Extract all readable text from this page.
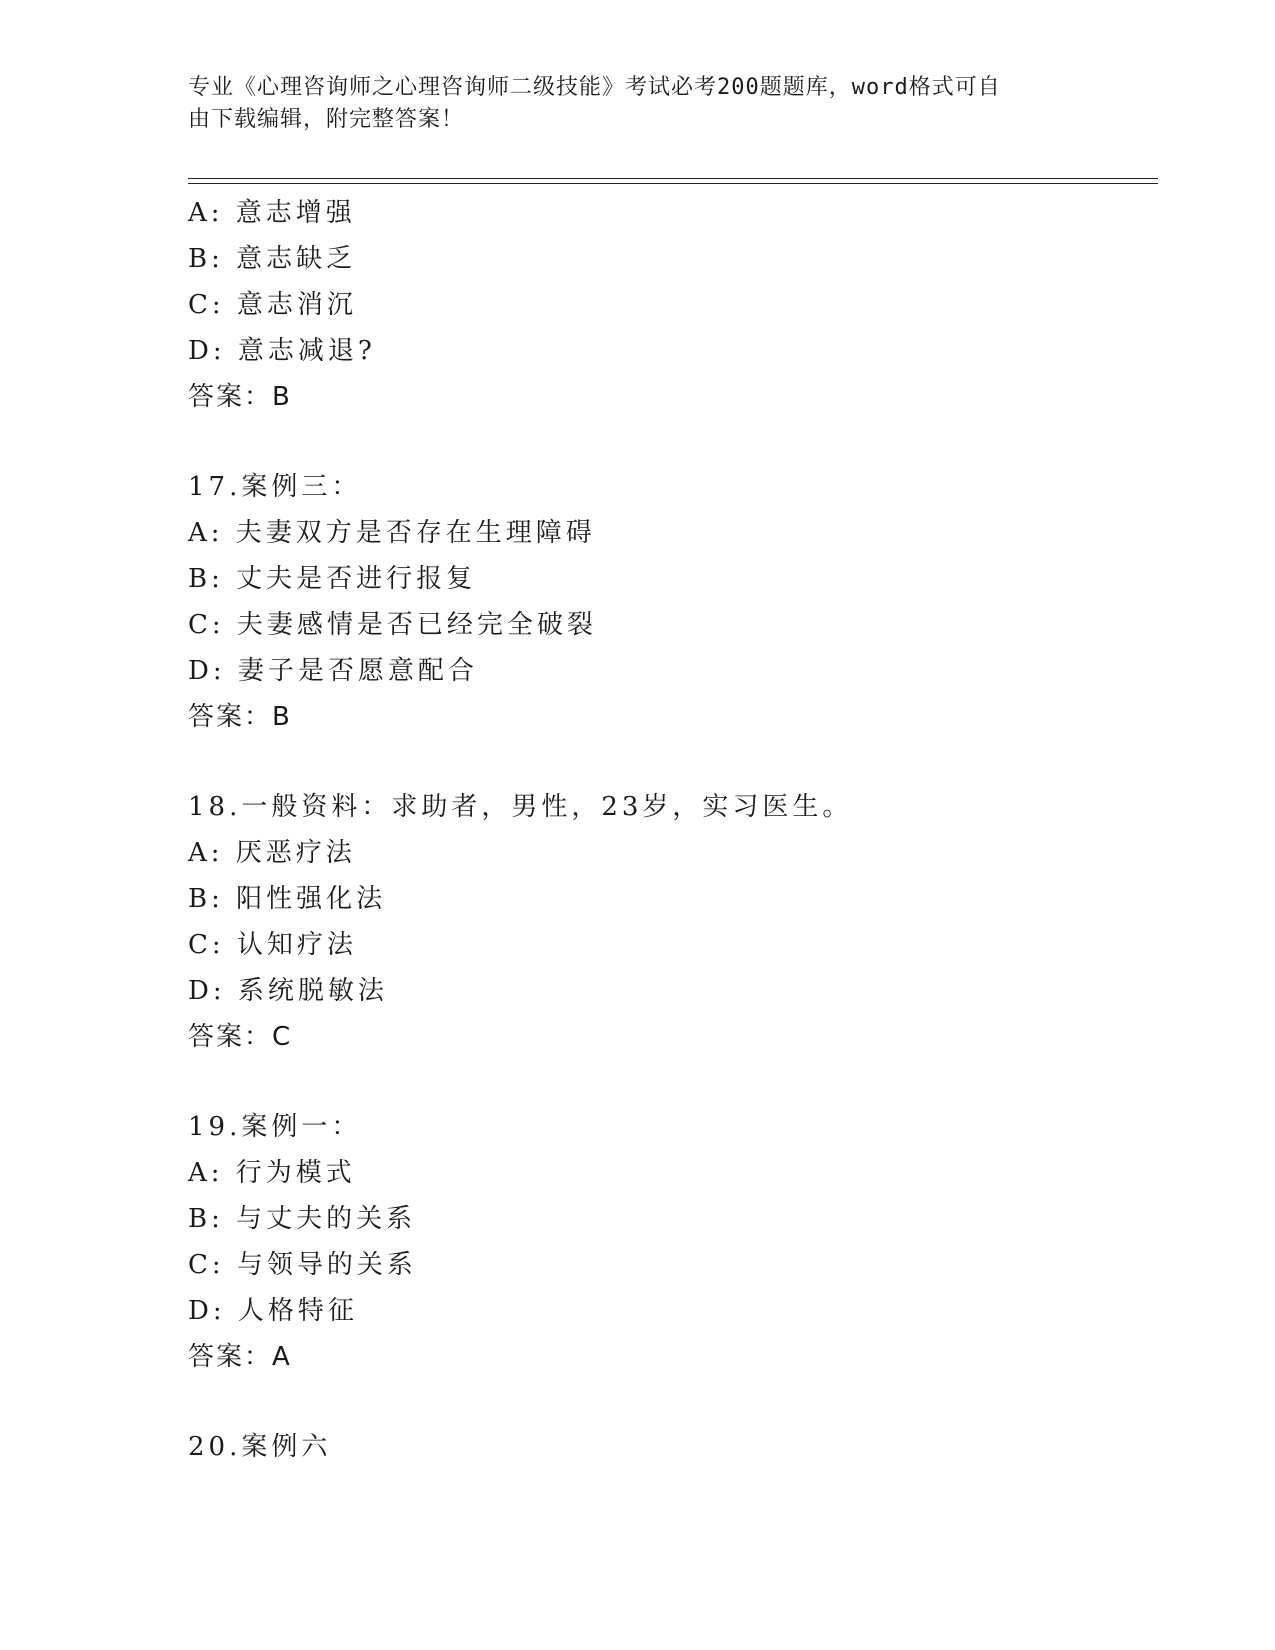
专业《心理咨询师之心理咨询师二级技能》考试必考200题题库，word格式可自
由下载编辑，附完整答案！
A: 意志增强
B: 意志缺乏
C: 意志消沉
D: 意志减退?
答案：B
17.案例三：
A: 夫妻双方是否存在生理障碍
B: 丈夫是否进行报复
C: 夫妻感情是否已经完全破裂
D: 妻子是否愿意配合
答案：B
18.一般资料：求助者，男性，23岁，实习医生。
A: 厌恶疗法
B: 阳性强化法
C: 认知疗法
D: 系统脱敏法
答案：C
19.案例一：
A: 行为模式
B: 与丈夫的关系
C: 与领导的关系
D: 人格特征
答案：A
20.案例六
